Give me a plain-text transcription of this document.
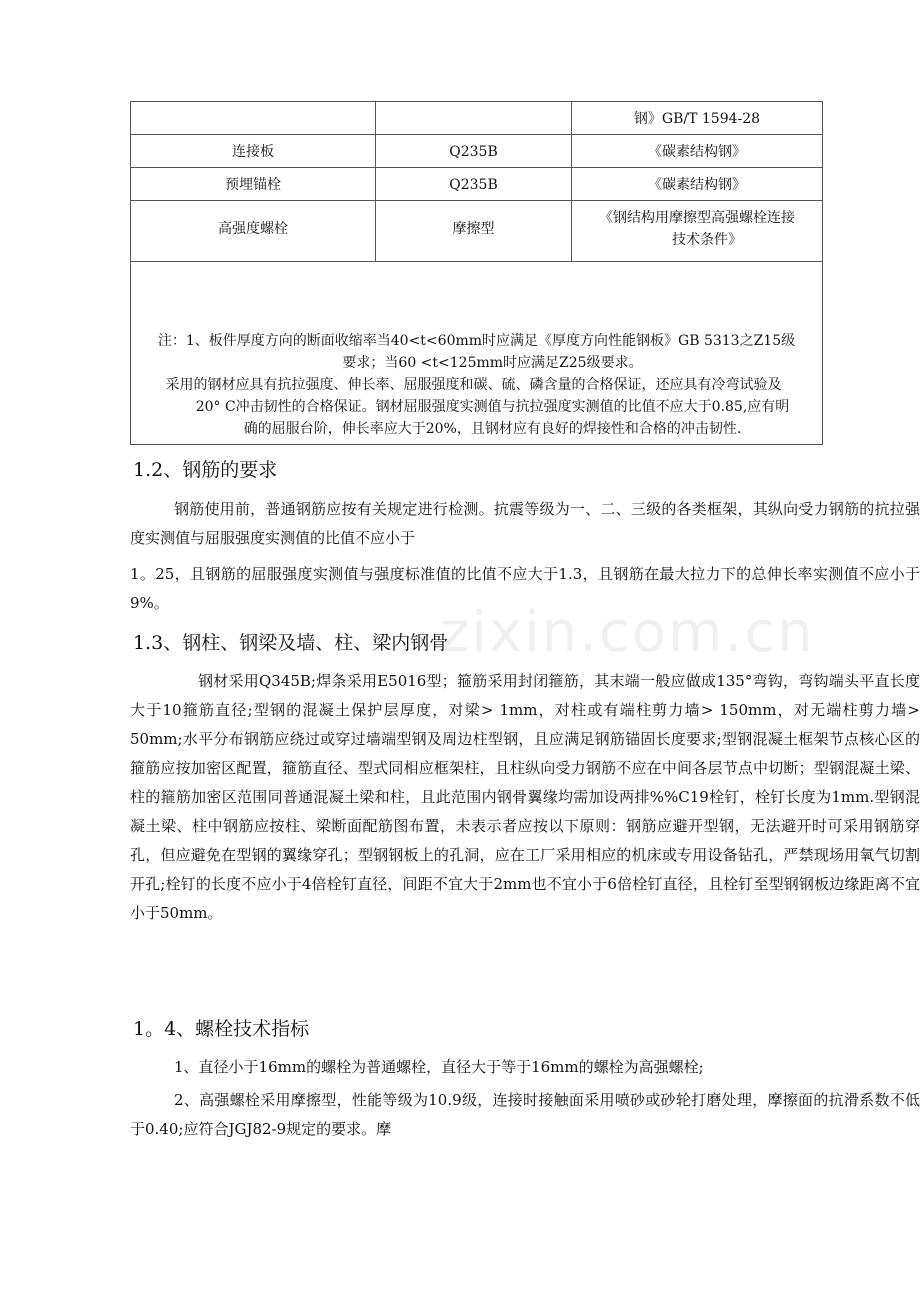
		钢》GB/T 1594-28
连接板	Q235B	《碳素结构钢》
预埋锚栓	Q235B	《碳素结构钢》
高强度螺栓	摩擦型	《钢结构用摩擦型高强螺栓连接
技术条件》

注：1、板件厚度方向的断面收缩率当40<t<60mm时应满足《厚度方向性能钢板》GB 5313之Z15级
要求；当60 <t<125mm时应满足Z25级要求。
采用的钢材应具有抗拉强度、伸长率、屈服强度和碳、硫、磷含量的合格保证，还应具有冷弯试验及
20° C冲击韧性的合格保证。钢材屈服强度实测值与抗拉强度实测值的比值不应大于0.85,应有明
确的屈服台阶，伸长率应大于20%，且钢材应有良好的焊接性和合格的冲击韧性.		
1.2、钢筋的要求

钢筋使用前，普通钢筋应按有关规定进行检测。抗震等级为一、二、三级的各类框架，其纵向受力钢筋的抗拉强度实测值与屈服强度实测值的比值不应小于

1。25，且钢筋的屈服强度实测值与强度标准值的比值不应大于1.3，且钢筋在最大拉力下的总伸长率实测值不应小于9%。

1.3、钢柱、钢梁及墙、柱、梁内钢骨

钢材采用Q345B;焊条采用E5016型；箍筋采用封闭箍筋，其末端一般应做成135°弯钩，弯钩端头平直长度大于10箍筋直径;型钢的混凝土保护层厚度，对梁> 1mm，对柱或有端柱剪力墙> 150mm，对无端柱剪力墙> 50mm;水平分布钢筋应绕过或穿过墙端型钢及周边柱型钢，且应满足钢筋锚固长度要求;型钢混凝土框架节点核心区的箍筋应按加密区配置，箍筋直径、型式同相应框架柱，且柱纵向受力钢筋不应在中间各层节点中切断；型钢混凝土梁、柱的箍筋加密区范围同普通混凝土梁和柱，且此范围内钢骨翼缘均需加设两排%%C19栓钉，栓钉长度为1mm.型钢混凝土梁、柱中钢筋应按柱、梁断面配筋图布置，未表示者应按以下原则：钢筋应避开型钢，无法避开时可采用钢筋穿孔，但应避免在型钢的翼缘穿孔；型钢钢板上的孔洞，应在工厂采用相应的机床或专用设备钻孔，严禁现场用氧气切割开孔;栓钉的长度不应小于4倍栓钉直径，间距不宜大于2mm也不宜小于6倍栓钉直径，且栓钉至型钢钢板边缘距离不宜小于50mm。

1。4、螺栓技术指标

1、直径小于16mm的螺栓为普通螺栓，直径大于等于16mm的螺栓为高强螺栓;

2、高强螺栓采用摩擦型，性能等级为10.9级，连接时接触面采用喷砂或砂轮打磨处理，摩擦面的抗滑系数不低于0.40;应符合JGJ82-9规定的要求。摩

zixin.com.cn
